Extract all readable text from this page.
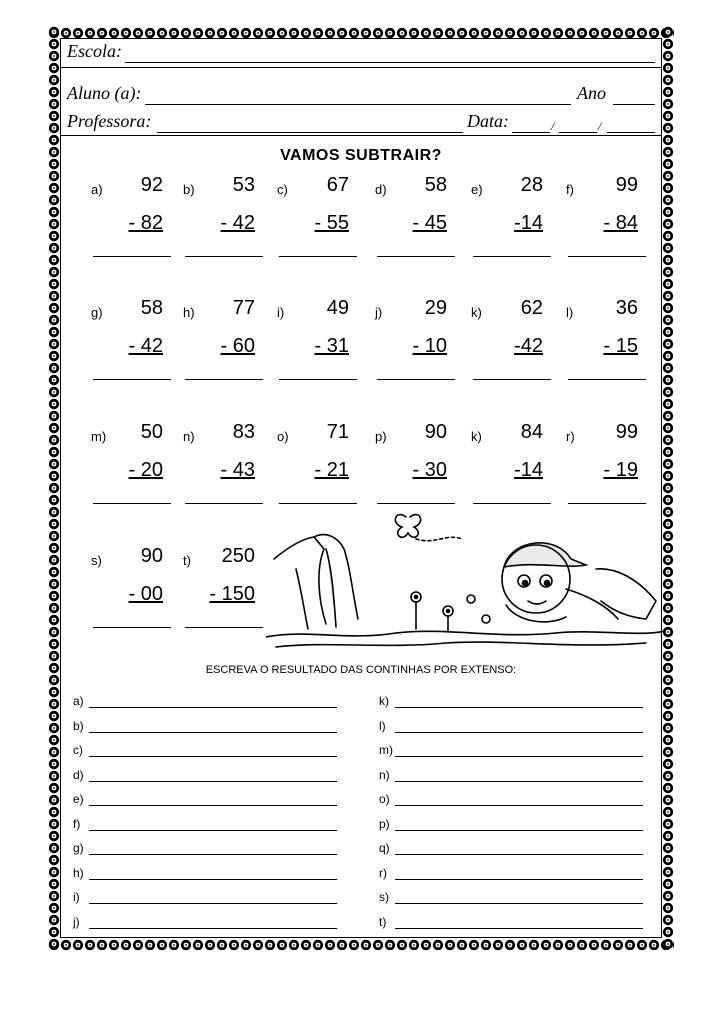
Escola:
Aluno (a):	Ano
Professora:	Data:	/	/
VAMOS SUBTRAIR?
a) 92
- 82
b) 53
- 42
c) 67
- 55
d) 58
- 45
e) 28
-14
f) 99
- 84
g) 58
- 42
h) 77
- 60
i) 49
- 31
j) 29
- 10
k) 62
-42
l) 36
- 15
m) 50
- 20
n) 83
- 43
o) 71
- 21
p) 90
- 30
k) 84
-14
r) 99
- 19
s) 90
- 00
t) 250
- 150
ESCREVA O RESULTADO DAS CONTINHAS POR EXTENSO:
a)
b)
c)
d)
e)
f)
g)
h)
i)
j)
k)
l)
m)
n)
o)
p)
q)
r)
s)
t)
